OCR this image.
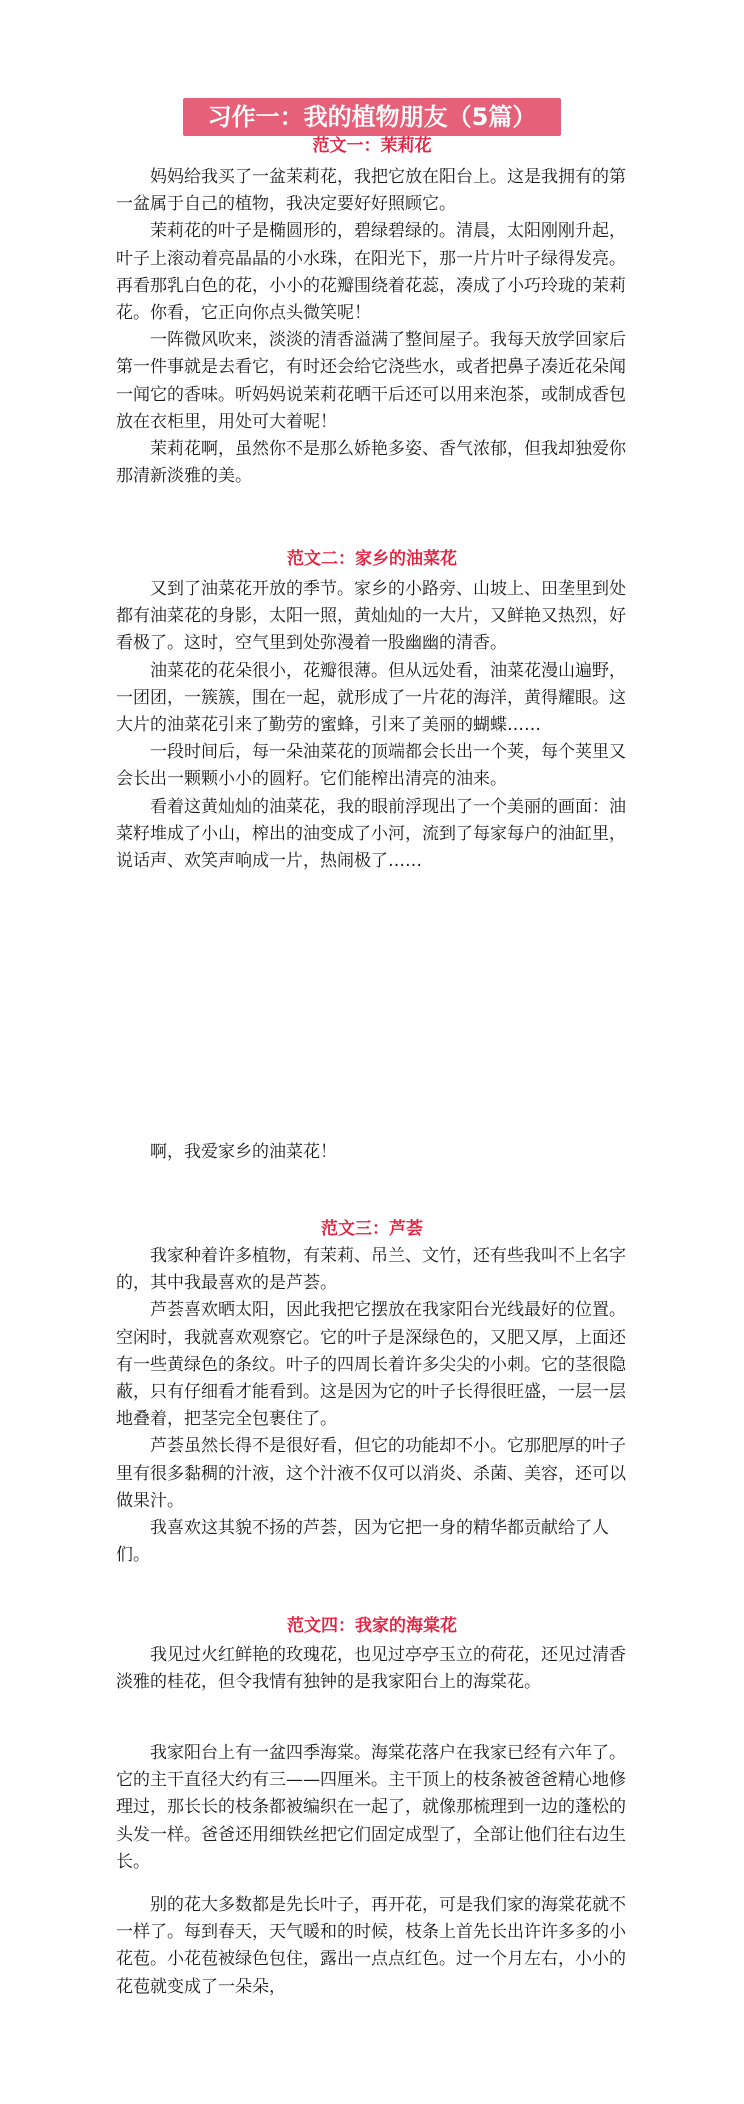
习作一：我的植物朋友（5篇）
范文一：茉莉花

妈妈给我买了一盆茉莉花，我把它放在阳台上。这是我拥有的第一盆属于自己的植物，我决定要好好照顾它。

茉莉花的叶子是椭圆形的，碧绿碧绿的。清晨，太阳刚刚升起，叶子上滚动着亮晶晶的小水珠，在阳光下，那一片片叶子绿得发亮。再看那乳白色的花，小小的花瓣围绕着花蕊，凑成了小巧玲珑的茉莉花。你看，它正向你点头微笑呢！

一阵微风吹来，淡淡的清香溢满了整间屋子。我每天放学回家后第一件事就是去看它，有时还会给它浇些水，或者把鼻子凑近花朵闻一闻它的香味。听妈妈说茉莉花晒干后还可以用来泡茶，或制成香包放在衣柜里，用处可大着呢！

茉莉花啊，虽然你不是那么娇艳多姿、香气浓郁，但我却独爱你那清新淡雅的美。

范文二：家乡的油菜花

又到了油菜花开放的季节。家乡的小路旁、山坡上、田垄里到处都有油菜花的身影，太阳一照，黄灿灿的一大片，又鲜艳又热烈，好看极了。这时，空气里到处弥漫着一股幽幽的清香。

油菜花的花朵很小，花瓣很薄。但从远处看，油菜花漫山遍野，一团团，一簇簇，围在一起，就形成了一片花的海洋，黄得耀眼。这大片的油菜花引来了勤劳的蜜蜂，引来了美丽的蝴蝶……

一段时间后，每一朵油菜花的顶端都会长出一个荚，每个荚里又会长出一颗颗小小的圆籽。它们能榨出清亮的油来。

看着这黄灿灿的油菜花，我的眼前浮现出了一个美丽的画面：油菜籽堆成了小山，榨出的油变成了小河，流到了每家每户的油缸里，说话声、欢笑声响成一片，热闹极了……

啊，我爱家乡的油菜花！
范文三：芦荟

我家种着许多植物，有茉莉、吊兰、文竹，还有些我叫不上名字的，其中我最喜欢的是芦荟。

芦荟喜欢晒太阳，因此我把它摆放在我家阳台光线最好的位置。空闲时，我就喜欢观察它。它的叶子是深绿色的，又肥又厚，上面还有一些黄绿色的条纹。叶子的四周长着许多尖尖的小刺。它的茎很隐蔽，只有仔细看才能看到。这是因为它的叶子长得很旺盛，一层一层地叠着，把茎完全包裹住了。

芦荟虽然长得不是很好看，但它的功能却不小。它那肥厚的叶子里有很多黏稠的汁液，这个汁液不仅可以消炎、杀菌、美容，还可以做果汁。

我喜欢这其貌不扬的芦荟，因为它把一身的精华都贡献给了人们。

范文四：我家的海棠花

我见过火红鲜艳的玫瑰花，也见过亭亭玉立的荷花，还见过清香淡雅的桂花，但令我情有独钟的是我家阳台上的海棠花。

我家阳台上有一盆四季海棠。海棠花落户在我家已经有六年了。它的主干直径大约有三——四厘米。主干顶上的枝条被爸爸精心地修理过，那长长的枝条都被编织在一起了，就像那梳理到一边的蓬松的头发一样。爸爸还用细铁丝把它们固定成型了，全部让他们往右边生长。

别的花大多数都是先长叶子，再开花，可是我们家的海棠花就不一样了。每到春天，天气暖和的时候，枝条上首先长出许许多多的小花苞。小花苞被绿色包住，露出一点点红色。过一个月左右，小小的花苞就变成了一朵朵，
